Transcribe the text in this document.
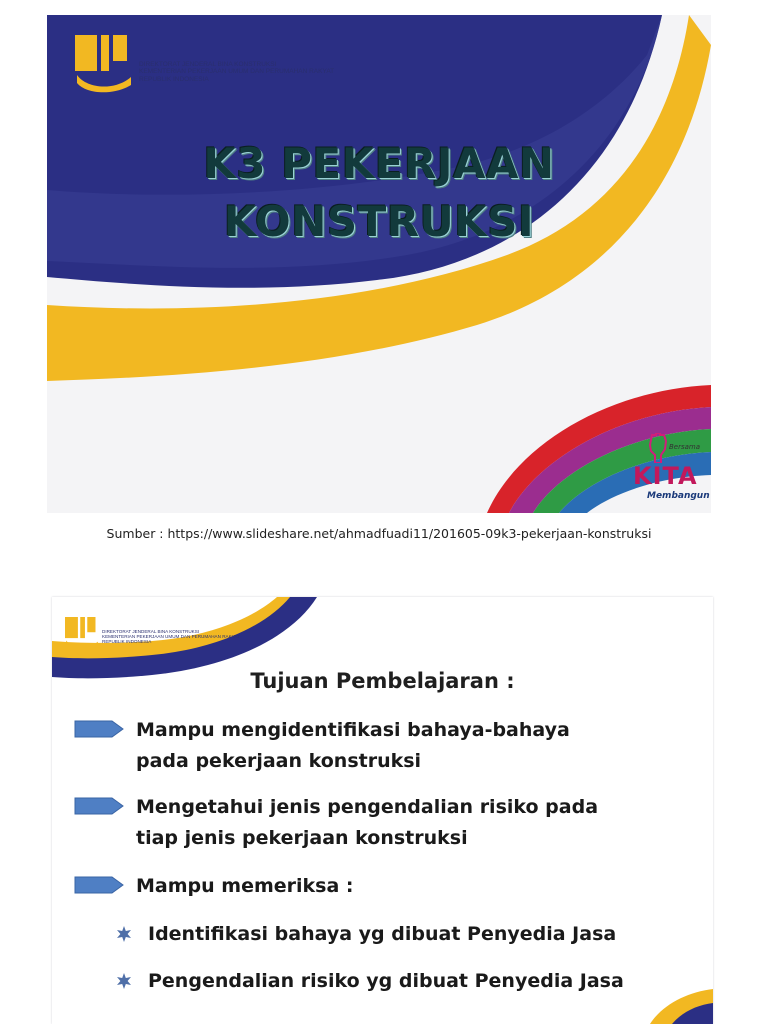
DIREKTORAT JENDERAL BINA KONSTRUKSI
KEMENTERIAN PEKERJAAN UMUM DAN PERUMAHAN RAKYAT
REPUBLIK INDONESIA
K3 PEKERJAAN
KONSTRUKSI
Bersama
KITA
Membangun
Sumber : https://www.slideshare.net/ahmadfuadi11/201605-09k3-pekerjaan-konstruksi
DIREKTORAT JENDERAL BINA KONSTRUKSI
KEMENTERIAN PEKERJAAN UMUM DAN PERUMAHAN RAKYAT
REPUBLIK INDONESIA
Tujuan Pembelajaran :
Mampu mengidentifikasi bahaya-bahaya
pada pekerjaan konstruksi
Mengetahui jenis pengendalian risiko pada
tiap jenis pekerjaan konstruksi
Mampu memeriksa :
Identifikasi bahaya yg dibuat Penyedia Jasa
Pengendalian risiko yg dibuat Penyedia Jasa
